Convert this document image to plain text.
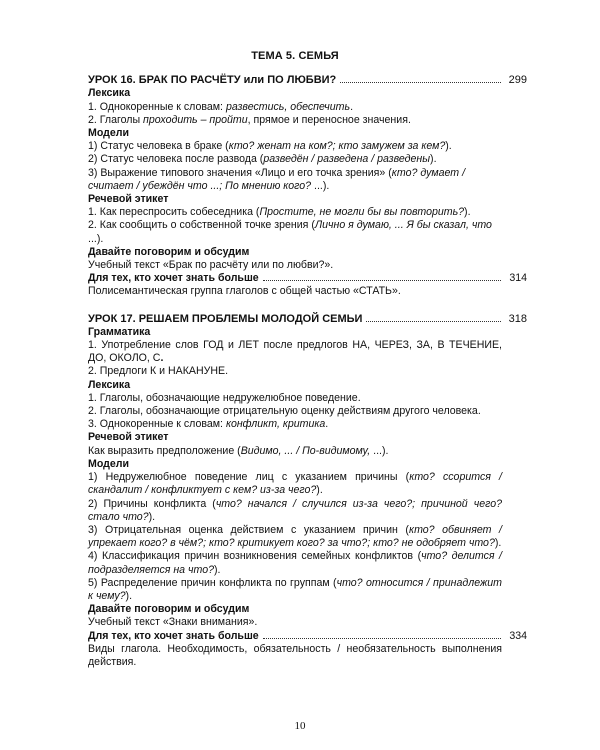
ТЕМА 5. СЕМЬЯ
УРОК 16. БРАК ПО РАСЧЁТУ или ПО ЛЮБВИ?	299
Лексика
1. Однокоренные к словам: развестись, обеспечить.
2. Глаголы проходить – пройти, прямое и переносное значения.
Модели
1) Статус человека в браке (кто? женат на ком?; кто замужем за кем?).
2) Статус человека после развода (разведён / разведена / разведены).
3) Выражение типового значения «Лицо и его точка зрения» (кто? думает / считает / убеждён что ...; По мнению кого? ...).
Речевой этикет
1. Как переспросить собеседника (Простите, не могли бы вы повторить?).
2. Как сообщить о собственной точке зрения (Лично я думаю, ... Я бы сказал, что ...).
Давайте поговорим и обсудим
Учебный текст «Брак по расчёту или по любви?».
Для тех, кто хочет знать больше	314
Полисемантическая группа глаголов с общей частью «СТАТЬ».
УРОК 17. РЕШАЕМ ПРОБЛЕМЫ МОЛОДОЙ СЕМЬИ	318
Грамматика
1. Употребление слов ГОД и ЛЕТ после предлогов НА, ЧЕРЕЗ, ЗА, В ТЕЧЕНИЕ, ДО, ОКОЛО, С.
2. Предлоги К и НАКАНУНЕ.
Лексика
1. Глаголы, обозначающие недружелюбное поведение.
2. Глаголы, обозначающие отрицательную оценку действиям другого человека.
3. Однокоренные к словам: конфликт, критика.
Речевой этикет
Как выразить предположение (Видимо, ... / По-видимому, ...).
Модели
1) Недружелюбное поведение лиц с указанием причины (кто? ссорится / скандалит / конфликтует с кем? из-за чего?).
2) Причины конфликта (что? начался / случился из-за чего?; причиной чего? стало что?).
3) Отрицательная оценка действием с указанием причин (кто? обвиняет / упрекает кого? в чём?; кто? критикует кого? за что?; кто? не одобряет что?).
4) Классификация причин возникновения семейных конфликтов (что? делится / подразделяется на что?).
5) Распределение причин конфликта по группам (что? относится / принадлежит к чему?).
Давайте поговорим и обсудим
Учебный текст «Знаки внимания».
Для тех, кто хочет знать больше	334
Виды глагола. Необходимость, обязательность / необязательность выполнения действия.
10
